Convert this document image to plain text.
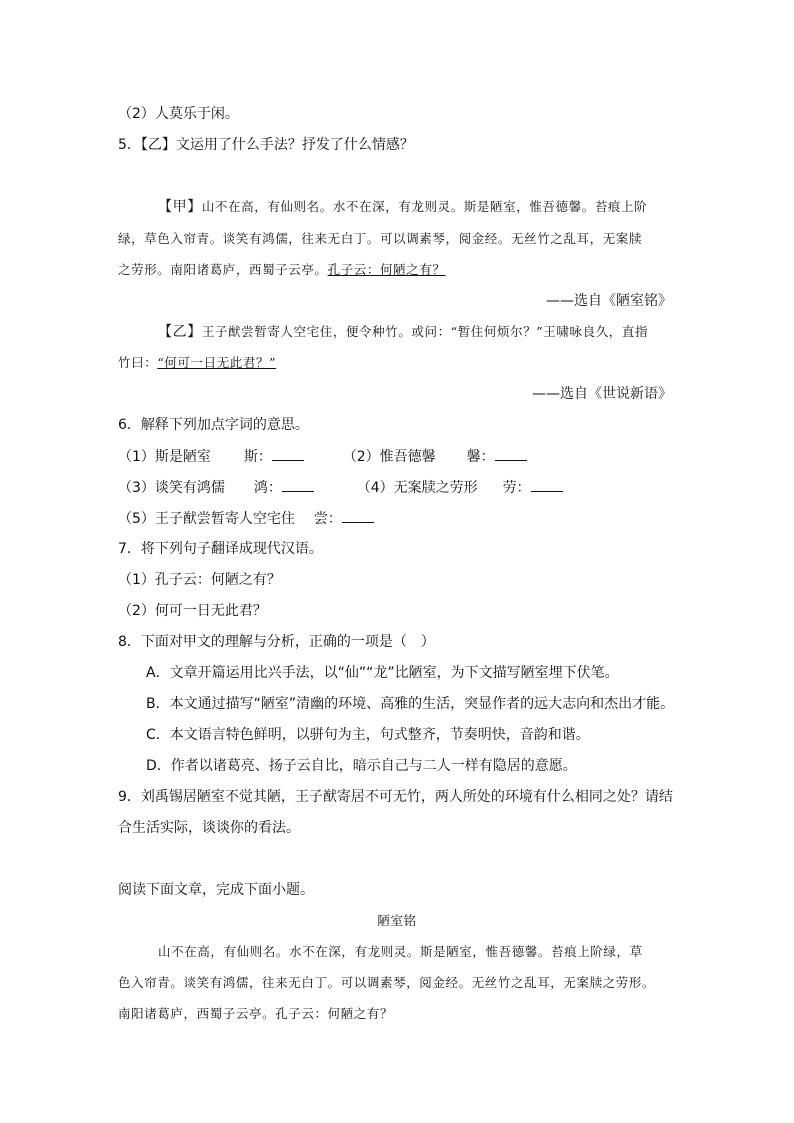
（2）人莫乐于闲。
5．【乙】文运用了什么手法？抒发了什么情感？
【甲】山不在高，有仙则名。水不在深，有龙则灵。斯是陋室，惟吾德馨。苔痕上阶
绿，草色入帘青。谈笑有鸿儒，往来无白丁。可以调素琴，阅金经。无丝竹之乱耳，无案牍
之劳形。南阳诸葛庐，西蜀子云亭。孔子云：何陋之有？
——选自《陋室铭》
【乙】王子猷尝暂寄人空宅住，便令种竹。或问：“暂住何烦尔？”王啸咏良久，直指
竹曰：“何可一日无此君？”
——选自《世说新语》
6．解释下列加点字词的意思。
（1）斯是陋室 斯：	（2）惟吾德馨 馨：
（3）谈笑有鸿儒 鸿：	（4）无案牍之劳形 劳：
（5）王子猷尝暂寄人空宅住 尝：
7．将下列句子翻译成现代汉语。
（1）孔子云：何陋之有？
（2）何可一日无此君？
8．下面对甲文的理解与分析，正确的一项是（　）
A．文章开篇运用比兴手法，以“仙”“龙”比陋室，为下文描写陋室埋下伏笔。
B．本文通过描写“陋室”清幽的环境、高雅的生活，突显作者的远大志向和杰出才能。
C．本文语言特色鲜明，以骈句为主，句式整齐，节奏明快，音韵和谐。
D．作者以诸葛亮、扬子云自比，暗示自己与二人一样有隐居的意愿。
9．刘禹锡居陋室不觉其陋，王子猷寄居不可无竹，两人所处的环境有什么相同之处？请结
合生活实际，谈谈你的看法。
阅读下面文章，完成下面小题。
陋室铭
山不在高，有仙则名。水不在深，有龙则灵。斯是陋室，惟吾德馨。苔痕上阶绿，草
色入帘青。谈笑有鸿儒，往来无白丁。可以调素琴，阅金经。无丝竹之乱耳，无案牍之劳形。
南阳诸葛庐，西蜀子云亭。孔子云：何陋之有？
